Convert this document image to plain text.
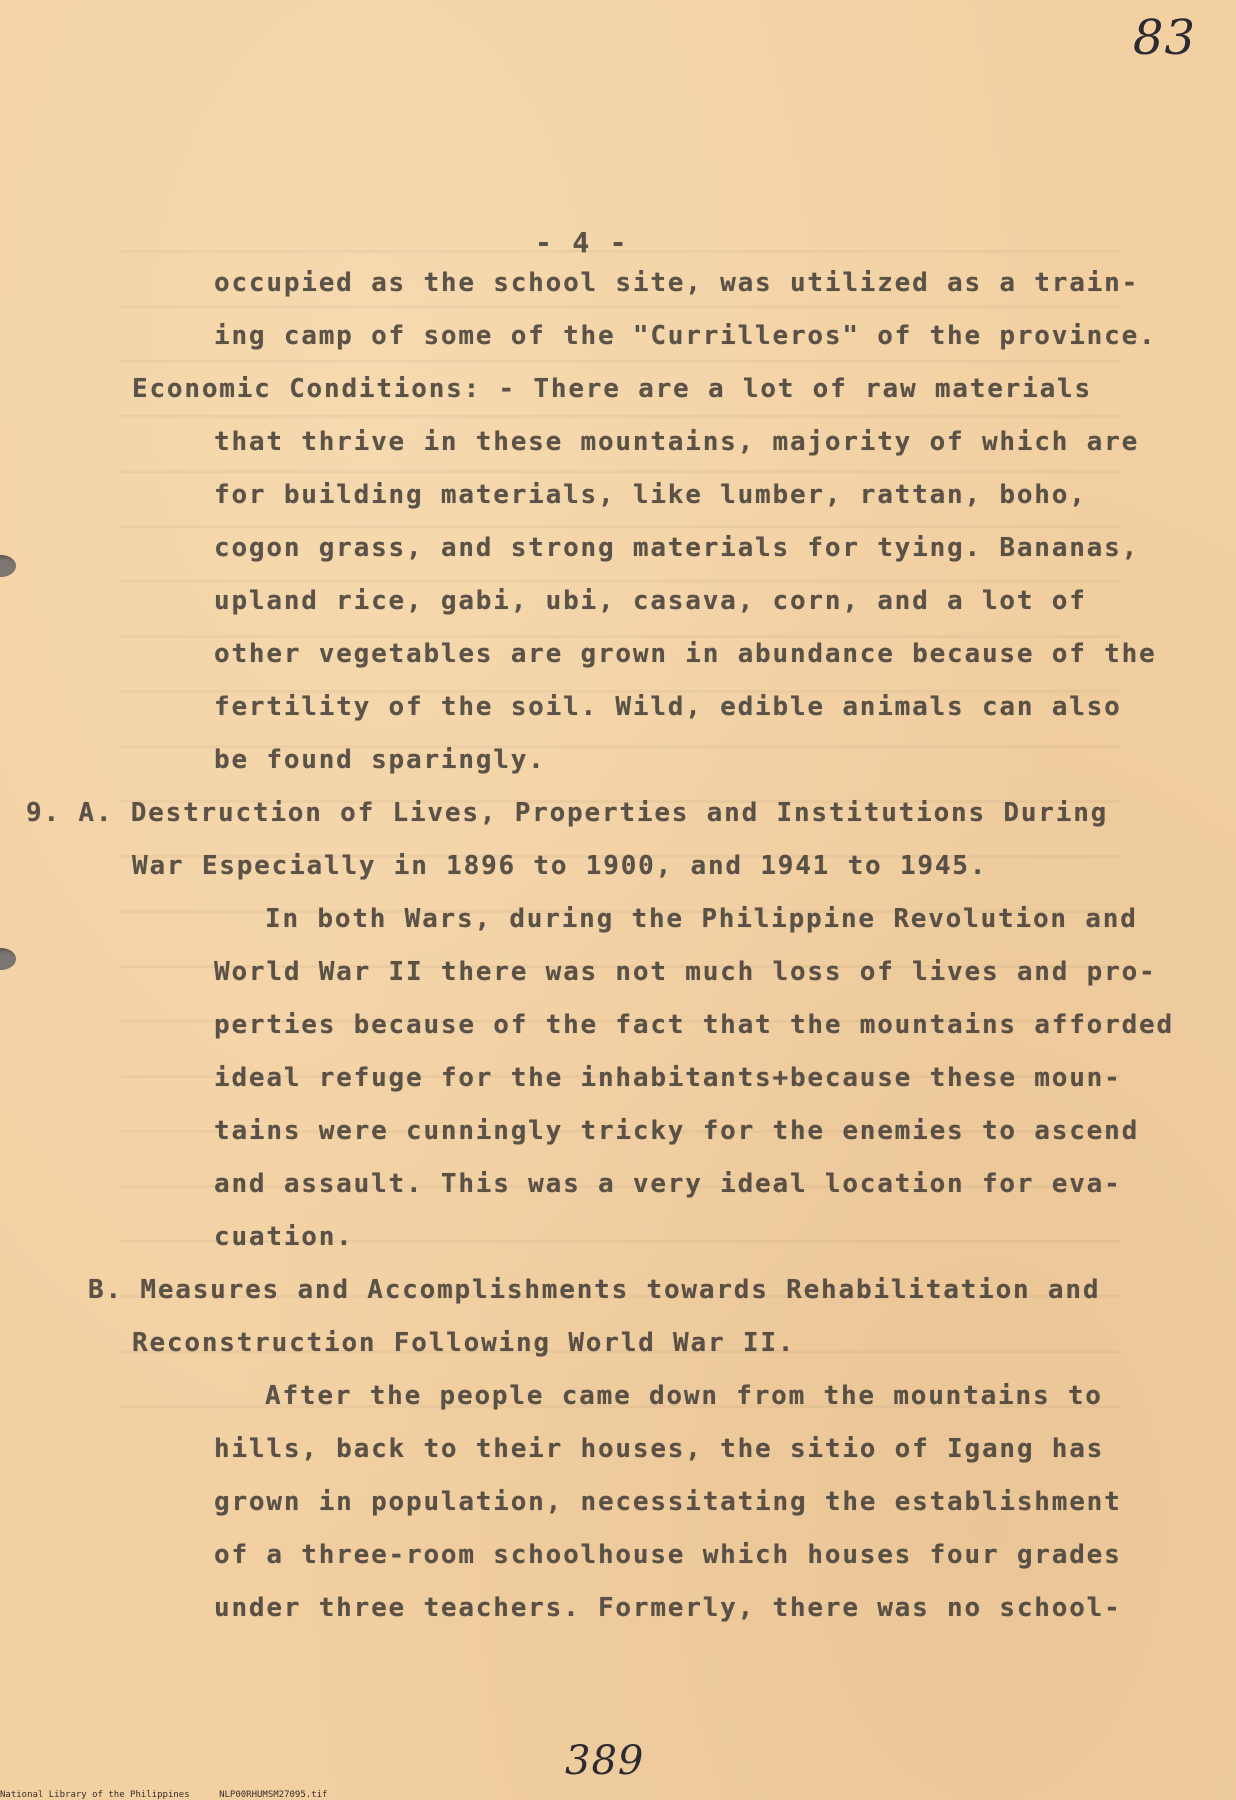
83
- 4 -
occupied as the school site, was utilized as a train-
ing camp of some of the "Currilleros" of the province.
Economic Conditions: - There are a lot of raw materials
that thrive in these mountains, majority of which are
for building materials, like lumber, rattan, boho,
cogon grass, and strong materials for tying. Bananas,
upland rice, gabi, ubi, casava, corn, and a lot of
other vegetables are grown in abundance because of the
fertility of the soil. Wild, edible animals can also
be found sparingly.
9. A. Destruction of Lives, Properties and Institutions During
War Especially in 1896 to 1900, and 1941 to 1945.
In both Wars, during the Philippine Revolution and
World War II there was not much loss of lives and pro-
perties because of the fact that the mountains afforded
ideal refuge for the inhabitants+because these moun-
tains were cunningly tricky for the enemies to ascend
and assault. This was a very ideal location for eva-
cuation.
B. Measures and Accomplishments towards Rehabilitation and
Reconstruction Following World War II.
After the people came down from the mountains to
hills, back to their houses, the sitio of Igang has
grown in population, necessitating the establishment
of a three-room schoolhouse which houses four grades
under three teachers. Formerly, there was no school-
389
National Library of the Philippines	NLP00RHUMSM27095.tif
